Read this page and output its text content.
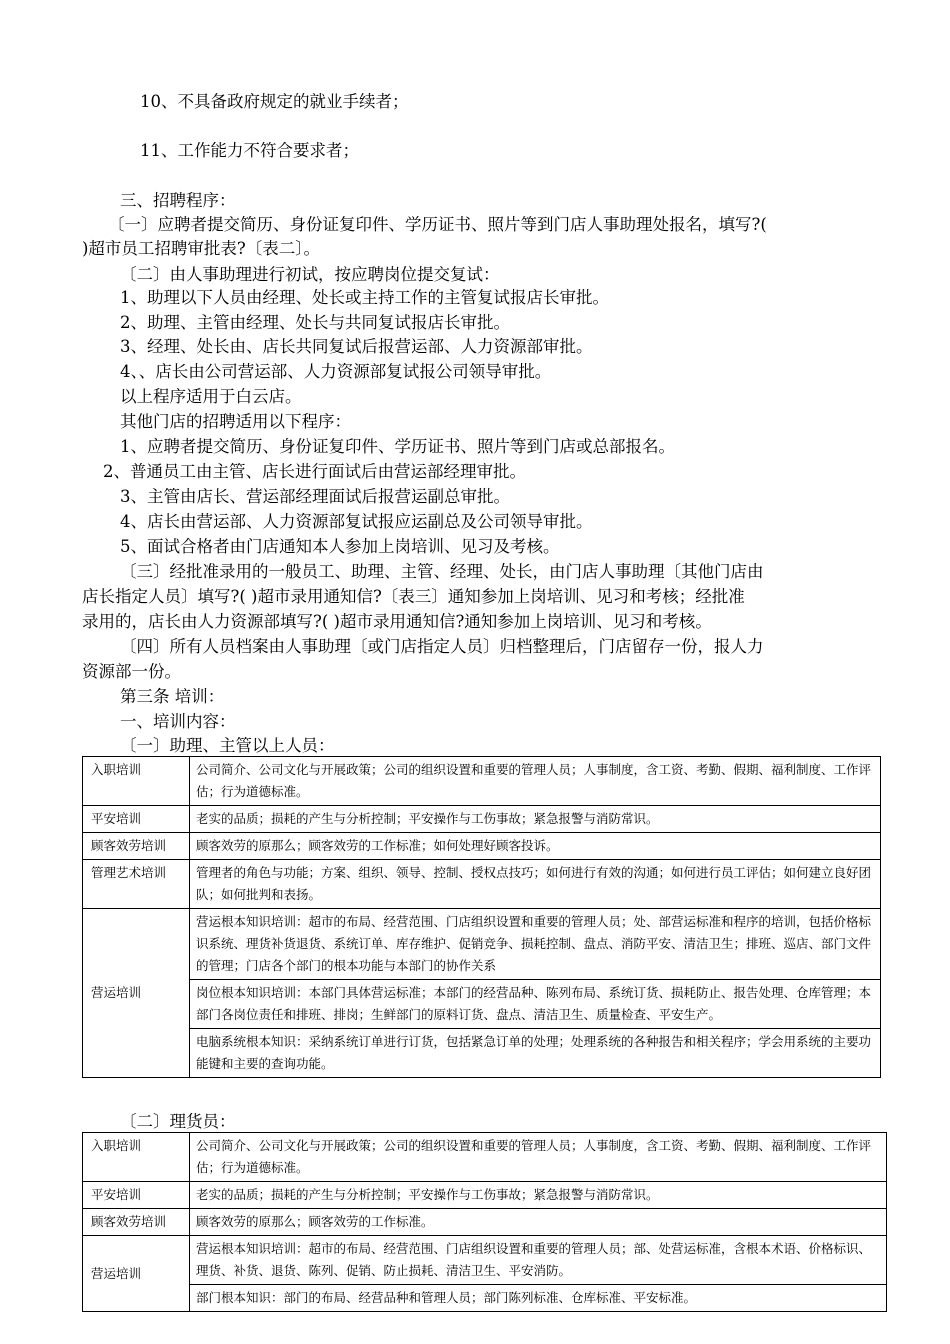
10、不具备政府规定的就业手续者；
11、工作能力不符合要求者；
三、招聘程序：
〔一〕应聘者提交简历、身份证复印件、学历证书、照片等到门店人事助理处报名，填写?(
)超市员工招聘审批表?〔表二〕。
〔二〕由人事助理进行初试，按应聘岗位提交复试：
1、助理以下人员由经理、处长或主持工作的主管复试报店长审批。
2、助理、主管由经理、处长与共同复试报店长审批。
3、经理、处长由、店长共同复试后报营运部、人力资源部审批。
4、、店长由公司营运部、人力资源部复试报公司领导审批。
以上程序适用于白云店。
其他门店的招聘适用以下程序：
1、应聘者提交简历、身份证复印件、学历证书、照片等到门店或总部报名。
2、普通员工由主管、店长进行面试后由营运部经理审批。
3、主管由店长、营运部经理面试后报营运副总审批。
4、店长由营运部、人力资源部复试报应运副总及公司领导审批。
5、面试合格者由门店通知本人参加上岗培训、见习及考核。
〔三〕经批准录用的一般员工、助理、主管、经理、处长，由门店人事助理〔其他门店由
店长指定人员〕填写?( )超市录用通知信?〔表三〕通知参加上岗培训、见习和考核；经批准
录用的，店长由人力资源部填写?( )超市录用通知信?通知参加上岗培训、见习和考核。
〔四〕所有人员档案由人事助理〔或门店指定人员〕归档整理后，门店留存一份，报人力
资源部一份。
第三条 培训：
一、培训内容：
〔一〕助理、主管以上人员：
入职培训	公司简介、公司文化与开展政策；公司的组织设置和重要的管理人员；人事制度，含工资、考勤、假期、福利制度、工作评估；行为道德标准。
平安培训	老实的品质；损耗的产生与分析控制；平安操作与工伤事故；紧急报警与消防常识。
顾客效劳培训	顾客效劳的原那么；顾客效劳的工作标准；如何处理好顾客投诉。
管理艺术培训	管理者的角色与功能；方案、组织、领导、控制、授权点技巧；如何进行有效的沟通；如何进行员工评估；如何建立良好团队；如何批判和表扬。
营运培训	营运根本知识培训：超市的布局、经营范围、门店组织设置和重要的管理人员；处、部营运标准和程序的培训，包括价格标识系统、理货补货退货、系统订单、库存维护、促销竞争、损耗控制、盘点、消防平安、清洁卫生；排班、巡店、部门文件的管理；门店各个部门的根本功能与本部门的协作关系
	岗位根本知识培训：本部门具体营运标准；本部门的经营品种、陈列布局、系统订货、损耗防止、报告处理、仓库管理；本部门各岗位责任和排班、排岗；生鲜部门的原料订货、盘点、清洁卫生、质量检查、平安生产。
	电脑系统根本知识：采纳系统订单进行订货，包括紧急订单的处理；处理系统的各种报告和相关程序；学会用系统的主要功能键和主要的查询功能。
〔二〕理货员：
入职培训	公司简介、公司文化与开展政策；公司的组织设置和重要的管理人员；人事制度，含工资、考勤、假期、福利制度、工作评估；行为道德标准。
平安培训	老实的品质；损耗的产生与分析控制；平安操作与工伤事故；紧急报警与消防常识。
顾客效劳培训	顾客效劳的原那么；顾客效劳的工作标准。
营运培训	营运根本知识培训：超市的布局、经营范围、门店组织设置和重要的管理人员；部、处营运标准，含根本术语、价格标识、理货、补货、退货、陈列、促销、防止损耗、清洁卫生、平安消防。
	部门根本知识：部门的布局、经营品种和管理人员；部门陈列标准、仓库标准、平安标准。
